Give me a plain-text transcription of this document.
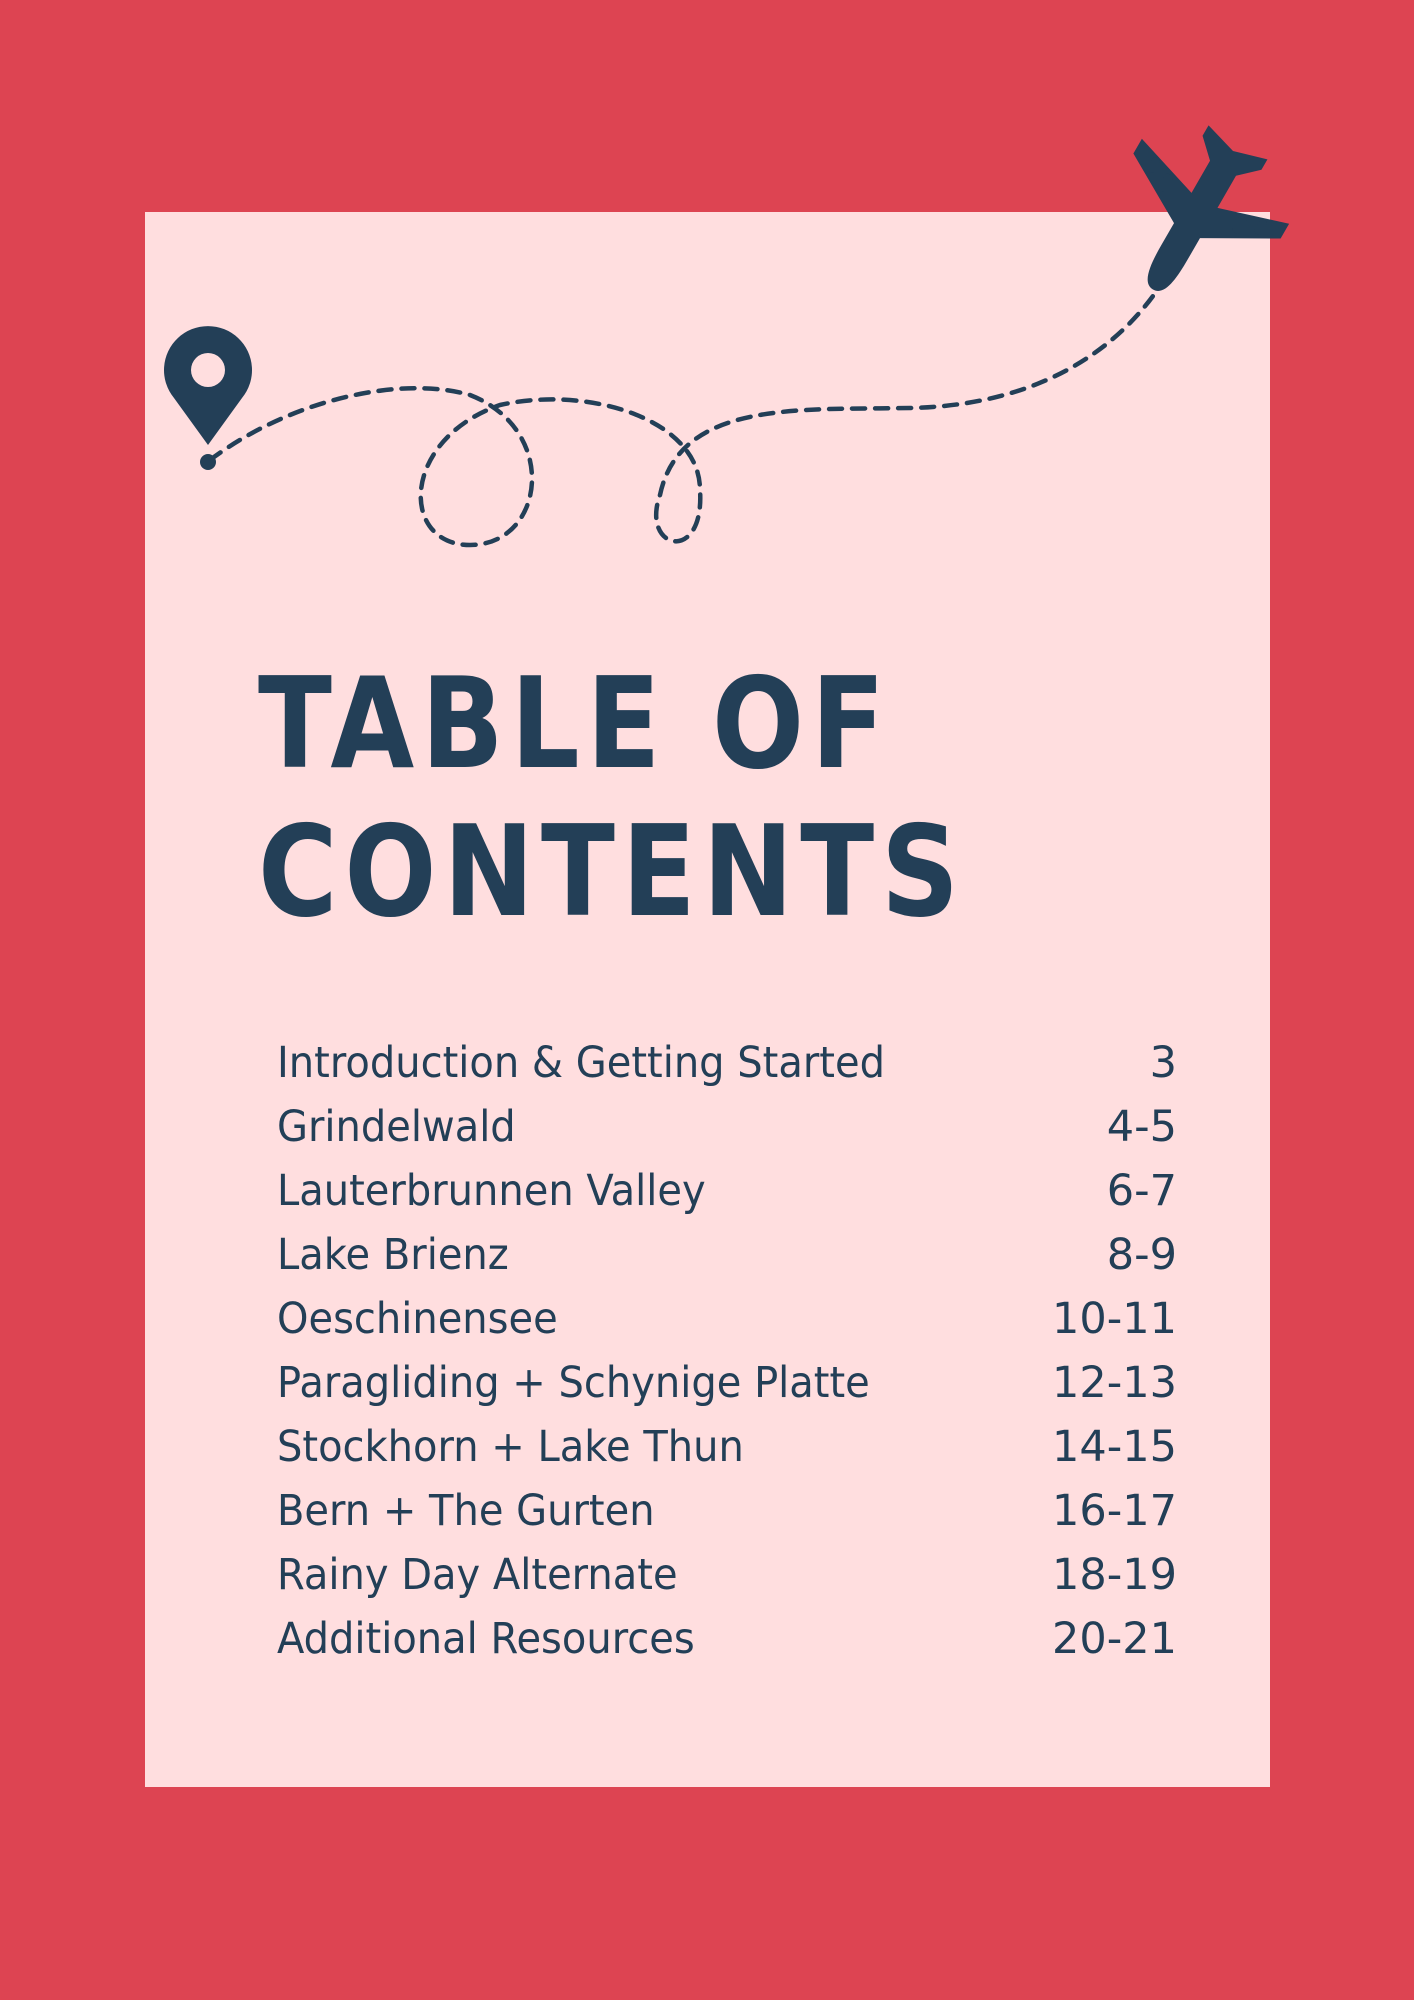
TABLE OF
CONTENTS
Introduction & Getting Started	3
Grindelwald	4-5
Lauterbrunnen Valley	6-7
Lake Brienz	8-9
Oeschinensee	10-11
Paragliding + Schynige Platte	12-13
Stockhorn + Lake Thun	14-15
Bern + The Gurten	16-17
Rainy Day Alternate	18-19
Additional Resources	20-21
